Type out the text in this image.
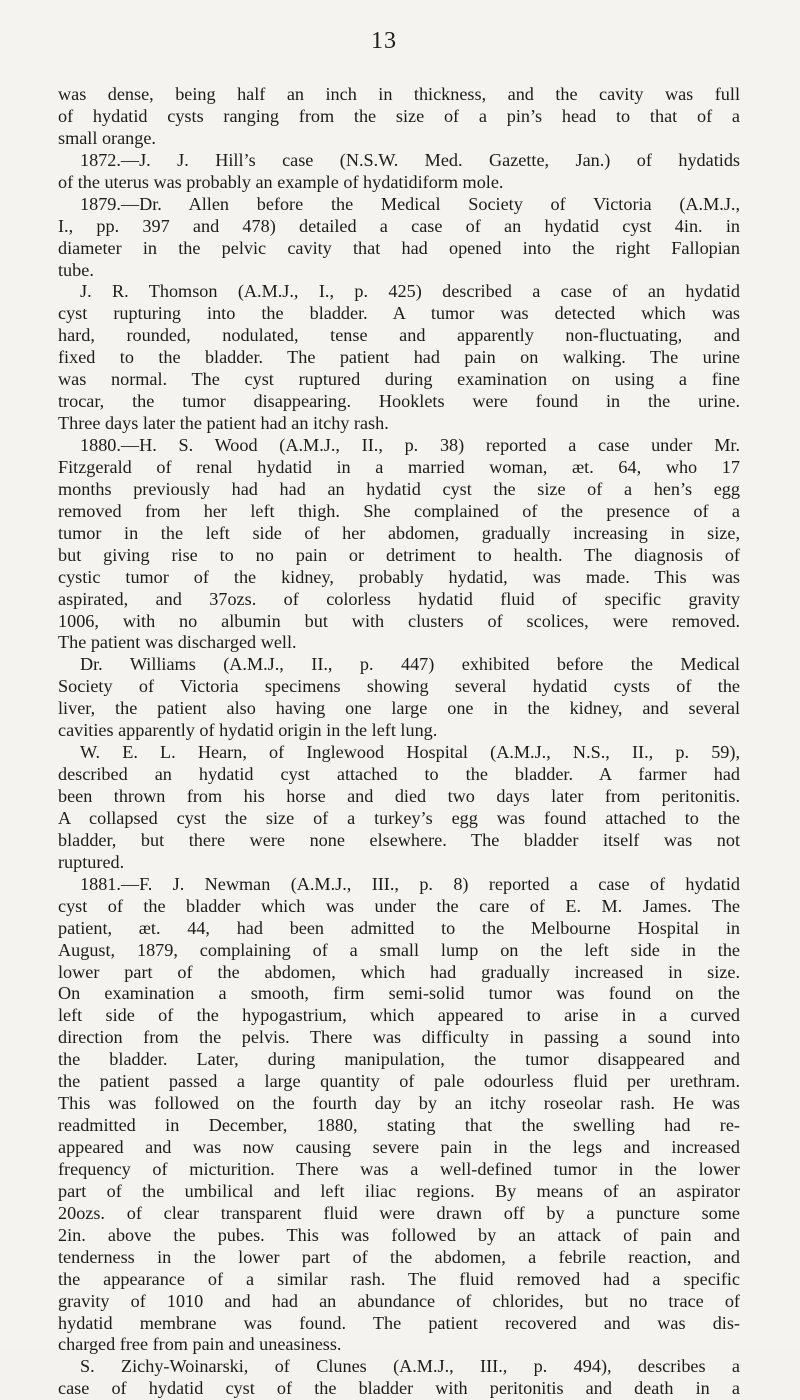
13
was dense, being half an inch in thickness, and the cavity was full
of hydatid cysts ranging from the size of a pin’s head to that of a
small orange.
1872.—J. J. Hill’s case (N.S.W. Med. Gazette, Jan.) of hydatids
of the uterus was probably an example of hydatidiform mole.
1879.—Dr. Allen before the Medical Society of Victoria (A.M.J.,
I., pp. 397 and 478) detailed a case of an hydatid cyst 4in. in
diameter in the pelvic cavity that had opened into the right Fallopian
tube.
J. R. Thomson (A.M.J., I., p. 425) described a case of an hydatid
cyst rupturing into the bladder. A tumor was detected which was
hard, rounded, nodulated, tense and apparently non-fluctuating, and
fixed to the bladder. The patient had pain on walking. The urine
was normal. The cyst ruptured during examination on using a fine
trocar, the tumor disappearing. Hooklets were found in the urine.
Three days later the patient had an itchy rash.
1880.—H. S. Wood (A.M.J., II., p. 38) reported a case under Mr.
Fitzgerald of renal hydatid in a married woman, æt. 64, who 17
months previously had had an hydatid cyst the size of a hen’s egg
removed from her left thigh. She complained of the presence of a
tumor in the left side of her abdomen, gradually increasing in size,
but giving rise to no pain or detriment to health. The diagnosis of
cystic tumor of the kidney, probably hydatid, was made. This was
aspirated, and 37ozs. of colorless hydatid fluid of specific gravity
1006, with no albumin but with clusters of scolices, were removed.
The patient was discharged well.
Dr. Williams (A.M.J., II., p. 447) exhibited before the Medical
Society of Victoria specimens showing several hydatid cysts of the
liver, the patient also having one large one in the kidney, and several
cavities apparently of hydatid origin in the left lung.
W. E. L. Hearn, of Inglewood Hospital (A.M.J., N.S., II., p. 59),
described an hydatid cyst attached to the bladder. A farmer had
been thrown from his horse and died two days later from peritonitis.
A collapsed cyst the size of a turkey’s egg was found attached to the
bladder, but there were none elsewhere. The bladder itself was not
ruptured.
1881.—F. J. Newman (A.M.J., III., p. 8) reported a case of hydatid
cyst of the bladder which was under the care of E. M. James. The
patient, æt. 44, had been admitted to the Melbourne Hospital in
August, 1879, complaining of a small lump on the left side in the
lower part of the abdomen, which had gradually increased in size.
On examination a smooth, firm semi-solid tumor was found on the
left side of the hypogastrium, which appeared to arise in a curved
direction from the pelvis. There was difficulty in passing a sound into
the bladder. Later, during manipulation, the tumor disappeared and
the patient passed a large quantity of pale odourless fluid per urethram.
This was followed on the fourth day by an itchy roseolar rash. He was
readmitted in December, 1880, stating that the swelling had re-
appeared and was now causing severe pain in the legs and increased
frequency of micturition. There was a well-defined tumor in the lower
part of the umbilical and left iliac regions. By means of an aspirator
20ozs. of clear transparent fluid were drawn off by a puncture some
2in. above the pubes. This was followed by an attack of pain and
tenderness in the lower part of the abdomen, a febrile reaction, and
the appearance of a similar rash. The fluid removed had a specific
gravity of 1010 and had an abundance of chlorides, but no trace of
hydatid membrane was found. The patient recovered and was dis-
charged free from pain and uneasiness.
S. Zichy-Woinarski, of Clunes (A.M.J., III., p. 494), describes a
case of hydatid cyst of the bladder with peritonitis and death in a
